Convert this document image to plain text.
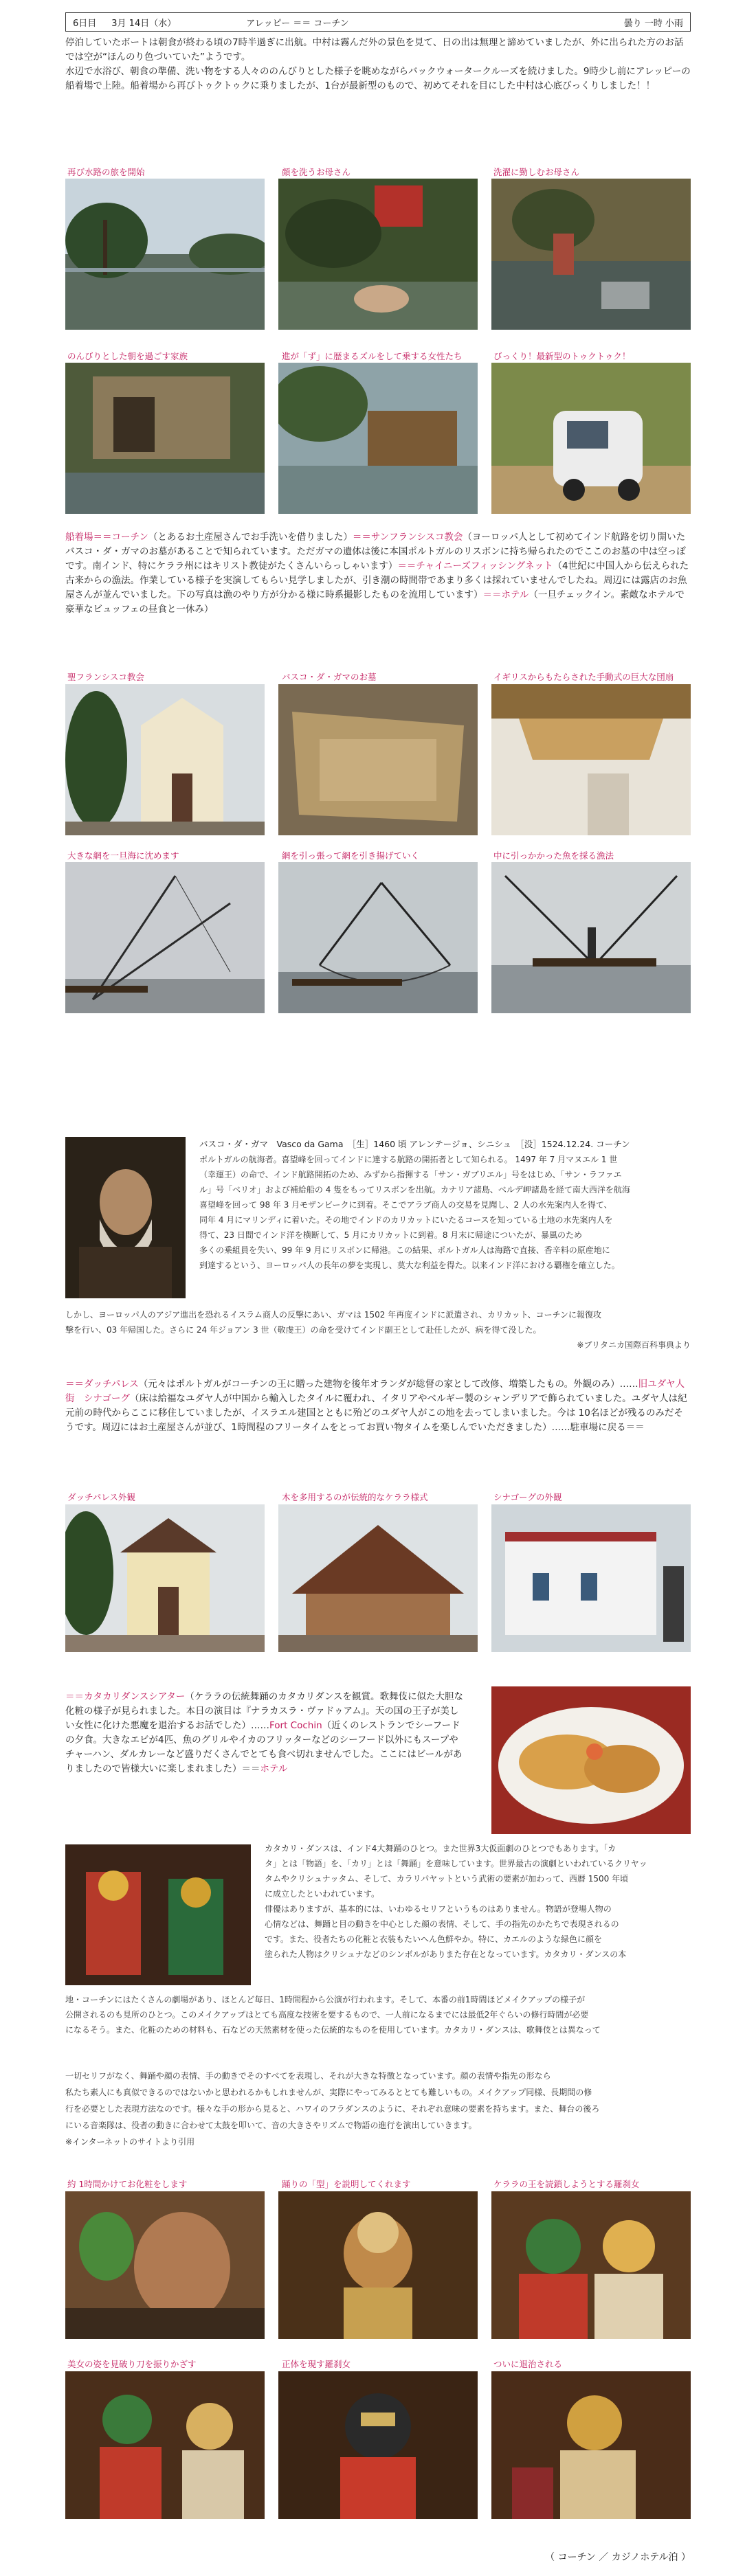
6日目 3月 14日（水）	アレッピー ＝＝ コーチン	曇り 一時 小雨
停泊していたボートは朝食が終わる頃の7時半過ぎに出航。中村は霧んだ外の景色を見て、日の出は無理と諦めていましたが、外に出られた方のお話では空が“ほんのり色づいていた”ようです。
水辺で水浴び、朝食の準備、洗い物をする人々ののんびりとした様子を眺めながらバックウォータークルーズを続けました。9時少し前にアレッピーの船着場で上陸。船着場から再びトゥクトゥクに乗りましたが、1台が最新型のもので、初めてそれを目にした中村は心底びっくりしました！！
再び水路の旅を開始	顔を洗うお母さん	洗濯に勤しむお母さん
のんびりとした朝を過ごす家族	進が「ず」に歴まるズルをして乗する女性たち	びっくり！最新型のトゥクトゥク！
船着場＝＝コーチン（とあるお土産屋さんでお手洗いを借りました）＝＝サンフランシスコ教会（ヨーロッパ人として初めてインド航路を切り開いたバスコ・ダ・ガマのお墓があることで知られています。ただガマの遺体は後に本国ポルトガルのリスボンに持ち帰られたのでここのお墓の中は空っぽです。南インド、特にケララ州にはキリスト教徒がたくさんいらっしゃいます）＝＝チャイニーズフィッシングネット（4世紀に中国人から伝えられた古来からの漁法。作業している様子を実演してもらい見学しましたが、引き潮の時間帯であまり多くは採れていませんでしたね。周辺には露店のお魚屋さんが並んでいました。下の写真は漁のやり方が分かる様に時系撮影したものを流用しています）＝＝ホテル（一旦チェックイン。素敵なホテルで豪華なビュッフェの昼食と一休み）
聖フランシスコ教会	バスコ・ダ・ガマのお墓	イギリスからもたらされた手動式の巨大な団扇
大きな網を一旦海に沈めます	網を引っ張って網を引き揚げていく	中に引っかかった魚を採る漁法
バスコ・ダ・ガマ　Vasco da Gama　［生］1460 頃 アレンテージョ、シニシュ　［没］1524.12.24. コーチン
ポルトガルの航海者。喜望峰を回ってインドに達する航路の開拓者として知られる。 1497 年 7 月マヌエル 1 世
（幸運王）の命で、インド航路開拓のため、みずから指揮する「サン・ガブリエル」号をはじめ、「サン・ラファエ
ル」号「ベリオ」および補給船の 4 隻をもってリスボンを出航。カナリア諸島、ベルデ岬諸島を経て南大西洋を航海
喜望峰を回って 98 年 3 月モザンビークに到着。そこでアラブ商人の交易を見聞し、2 人の水先案内人を得て、
同年 4 月にマリンディに着いた。その地でインドのカリカットにいたるコースを知っている土地の水先案内人を
得て、23 日間でインド洋を横断して、5 月にカリカットに到着。8 月末に帰途についたが、暴風のため
多くの乗組員を失い、99 年 9 月にリスボンに帰港。この結果、ポルトガル人は海路で直接、香辛料の原産地に
到達するという、ヨーロッパ人の長年の夢を実現し、莫大な利益を得た。以来インド洋における覇権を確立した。
しかし、ヨーロッパ人のアジア進出を恐れるイスラム商人の反撃にあい、ガマは 1502 年再度インドに派遣され、カリカット、コーチンに報復攻
撃を行い、03 年帰国した。さらに 24 年ジョアン 3 世（敬虔王）の命を受けてインド副王として赴任したが、病を得て没した。
※ブリタニカ国際百科事典より
＝＝ダッチパレス（元々はポルトガルがコーチンの王に贈った建物を後年オランダが総督の家として改修、増築したもの。外観のみ）……旧ユダヤ人街　シナゴーグ（床は給福なユダヤ人が中国から輸入したタイルに覆われ、イタリアやベルギー製のシャンデリアで飾られていました。ユダヤ人は紀元前の時代からここに移住していましたが、イスラエル建国とともに殆どのユダヤ人がこの地を去ってしまいました。今は 10名ほどが残るのみだそうです。周辺にはお土産屋さんが並び、1時間程のフリータイムをとってお買い物タイムを楽しんでいただきました）……駐車場に戻る＝＝
ダッチパレス外観	木を多用するのが伝統的なケララ様式	シナゴーグの外観
＝＝カタカリダンスシアター（ケララの伝統舞踊のカタカリダンスを観賞。歌舞伎に似た大胆な化粧の様子が見られました。本日の演目は『ナラカスラ・ヴァドゥアム』。天の国の王子が美しい女性に化けた悪魔を退治するお話でした）……Fort Cochin（近くのレストランでシーフードの夕食。大きなエビが4匹、魚のグリルやイカのフリッターなどのシーフード以外にもスープやチャーハン、ダルカレーなど盛りだくさんでとても食べ切れませんでした。ここにはビールがありましたので皆様大いに楽しまれました）＝＝ホテル
カタカリ・ダンスは、インド4大舞踊のひとつ。また世界3大仮面劇のひとつでもあります。「カ
タ」とは「物語」を、「カリ」とは「舞踊」を意味しています。世界最古の演劇といわれているクリヤッ
タムやクリシュナッタム、そして、カラリパヤットという武術の要素が加わって、西暦 1500 年頃
に成立したといわれています。
俳優はありますが、基本的には、いわゆるセリフというものはありません。物語が登場人物の
心情などは、舞踊と目の動きを中心とした顔の表情、そして、手の指先のかたちで表現されるの
です。また、役者たちの化粧と衣装もたいへん色鮮やか。特に、カエルのような緑色に顔を
塗られた人物はクリシュナなどのシンボルがありまた存在となっています。カタカリ・ダンスの本
地・コーチンにはたくさんの劇場があり、ほとんど毎日、1時間程から公演が行われます。そして、本番の前1時間ほどメイクアップの様子が
公開されるのも見所のひとつ。このメイクアップはとても高度な技術を要するもので、一人前になるまでには最低2年ぐらいの修行時間が必要
になるそう。また、化粧のための材料も、石などの天然素材を使った伝統的なものを使用しています。カタカリ・ダンスは、歌舞伎とは異なって
一切セリフがなく、舞踊や顔の表情、手の動きでそのすべてを表現し、それが大きな特徴となっています。顔の表情や指先の形なら
私たち素人にも真似できるのではないかと思われるかもしれませんが、実際にやってみるととても難しいもの。メイクアップ同様、長期間の修
行を必要とした表現方法なのです。様々な手の形から見ると、ハワイのフラダンスのように、それぞれ意味の要素を持ちます。また、舞台の後ろ
にいる音楽隊は、役者の動きに合わせて太鼓を叩いて、音の大きさやリズムで物語の進行を演出していきます。
※インターネットのサイトより引用
約 1時間かけてお化粧をします	踊りの「型」を説明してくれます	ケララの王を読鎖しようとする羅刹女
美女の姿を見破り刀を振りかざす	正体を現す羅刹女	ついに退治される
（ コーチン ／ カジノホテル泊 ）
